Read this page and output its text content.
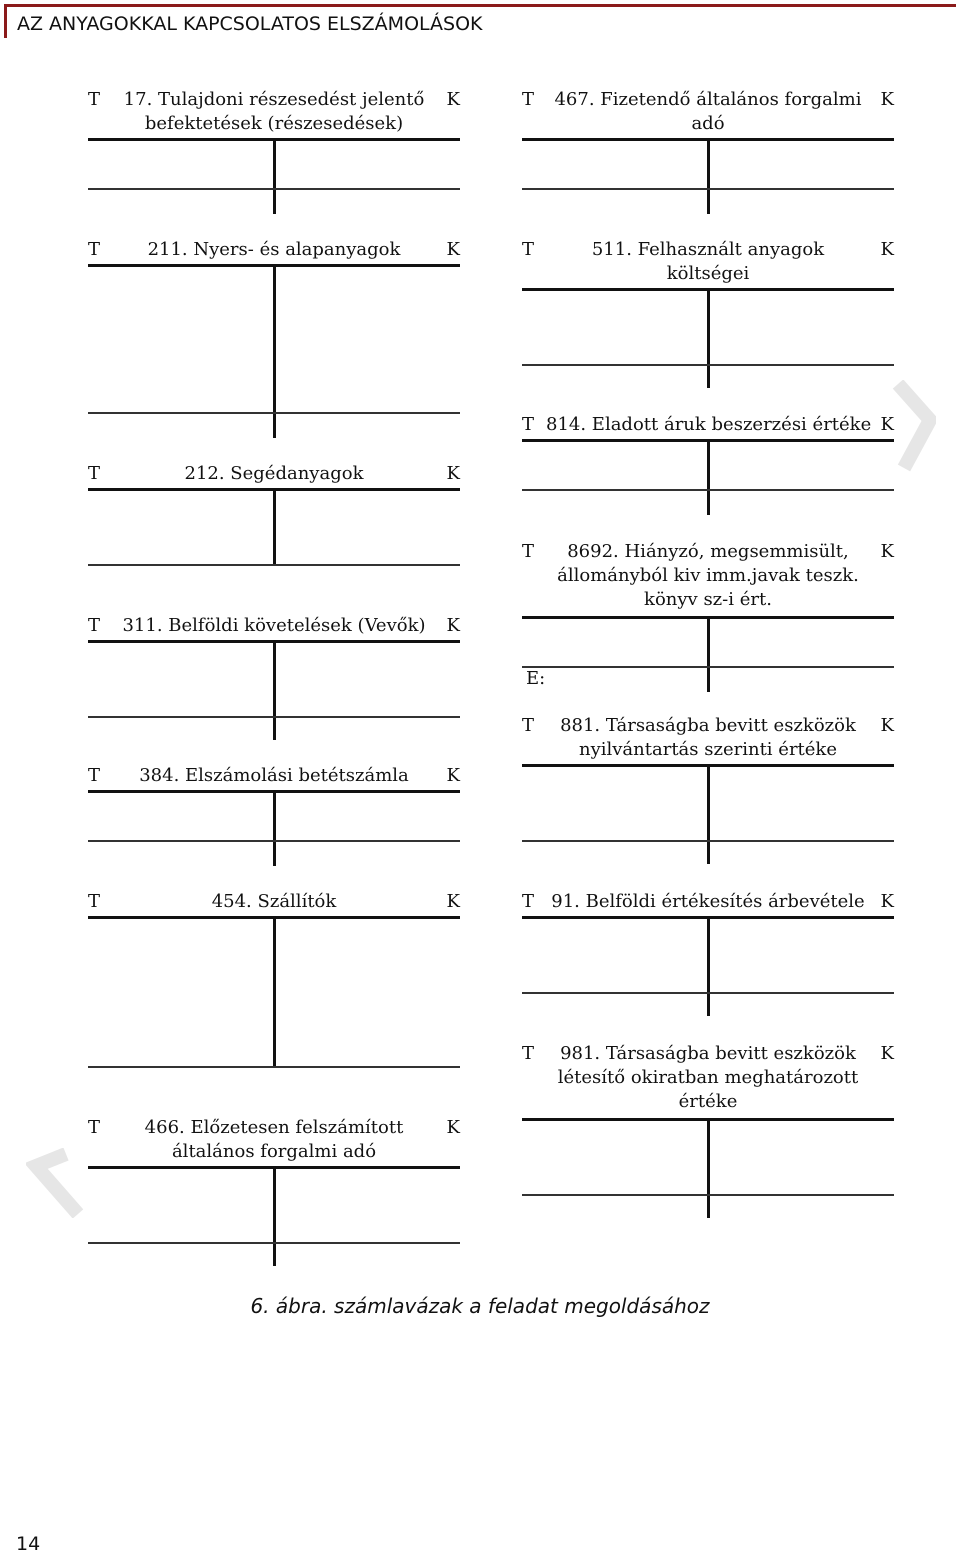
AZ ANYAGOKKAL KAPCSOLATOS ELSZÁMOLÁSOK
T	K
17. Tulajdoni részesedést jelentő
befektetések (részesedések)
T	K
467. Fizetendő általános forgalmi
adó
T	K
211. Nyers- és alapanyagok	T	K
511. Felhasznált anyagok
költségei
T	K
814. Eladott áruk beszerzési értéke
T	K
212. Segédanyagok
T	K
8692. Hiányzó, megsemmisült,
állományból kiv imm.javak teszk.
könyv sz-i ért.
T	K
311. Belföldi követelések (Vevők)
T	K
881. Társaságba bevitt eszközök
nyilvántartás szerinti értéke
T	K
384. Elszámolási betétszámla
T	K
454. Szállítók	T	K
91. Belföldi értékesítés árbevétele
T	K
981. Társaságba bevitt eszközök
létesítő okiratban meghatározott
értéke
T	K
466. Előzetesen felszámított
általános forgalmi adó
E:
6. ábra. számlavázak a feladat megoldásához
14
